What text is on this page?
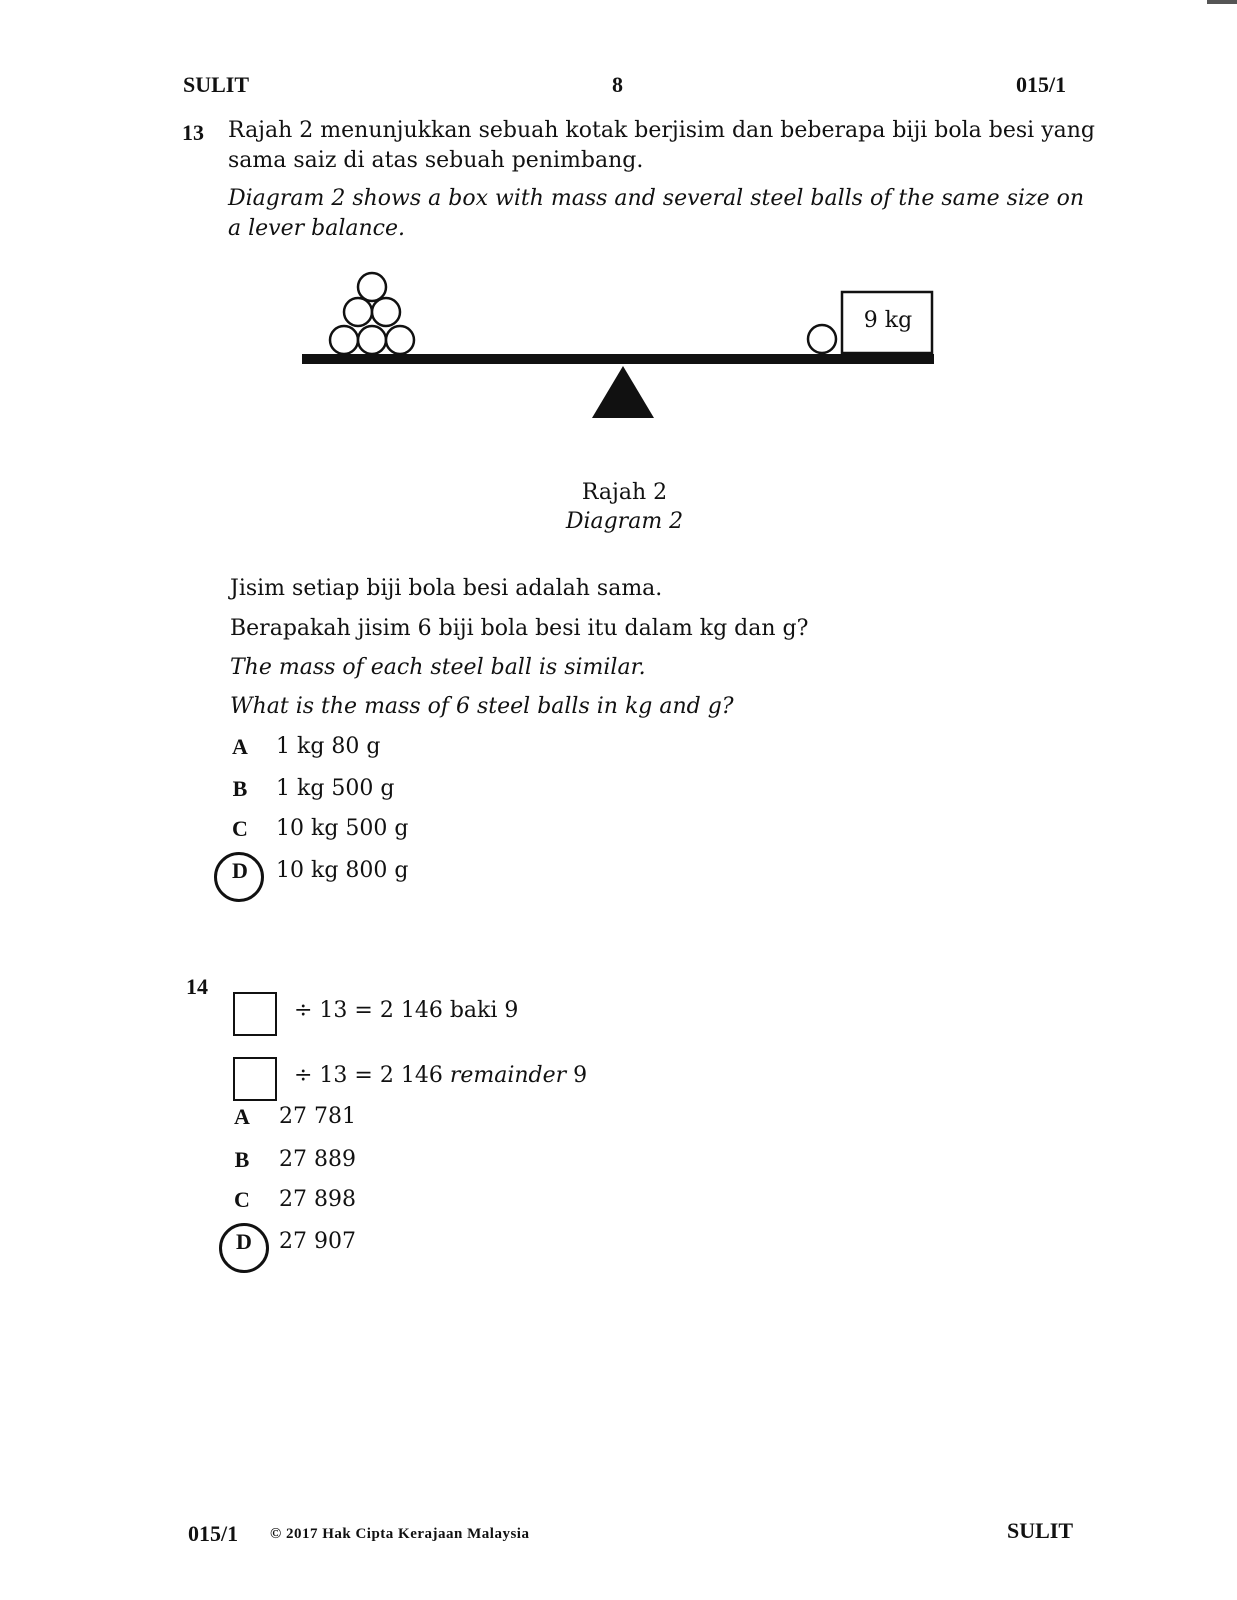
SULIT	8	015/1
13 Rajah 2 menunjukkan sebuah kotak berjisim dan beberapa biji bola besi yang
sama saiz di atas sebuah penimbang.
Diagram 2 shows a box with mass and several steel balls of the same size on
a lever balance.
9 kg
Rajah 2
Diagram 2
Jisim setiap biji bola besi adalah sama.
Berapakah jisim 6 biji bola besi itu dalam kg dan g?
The mass of each steel ball is similar.
What is the mass of 6 steel balls in kg and g?
A	1 kg 80 g
B	1 kg 500 g
C	10 kg 500 g
D	10 kg 800 g
14
÷ 13 = 2 146 baki 9
÷ 13 = 2 146 remainder 9
A	27 781
B	27 889
C	27 898
D	27 907
015/1 © 2017 Hak Cipta Kerajaan Malaysia	SULIT
